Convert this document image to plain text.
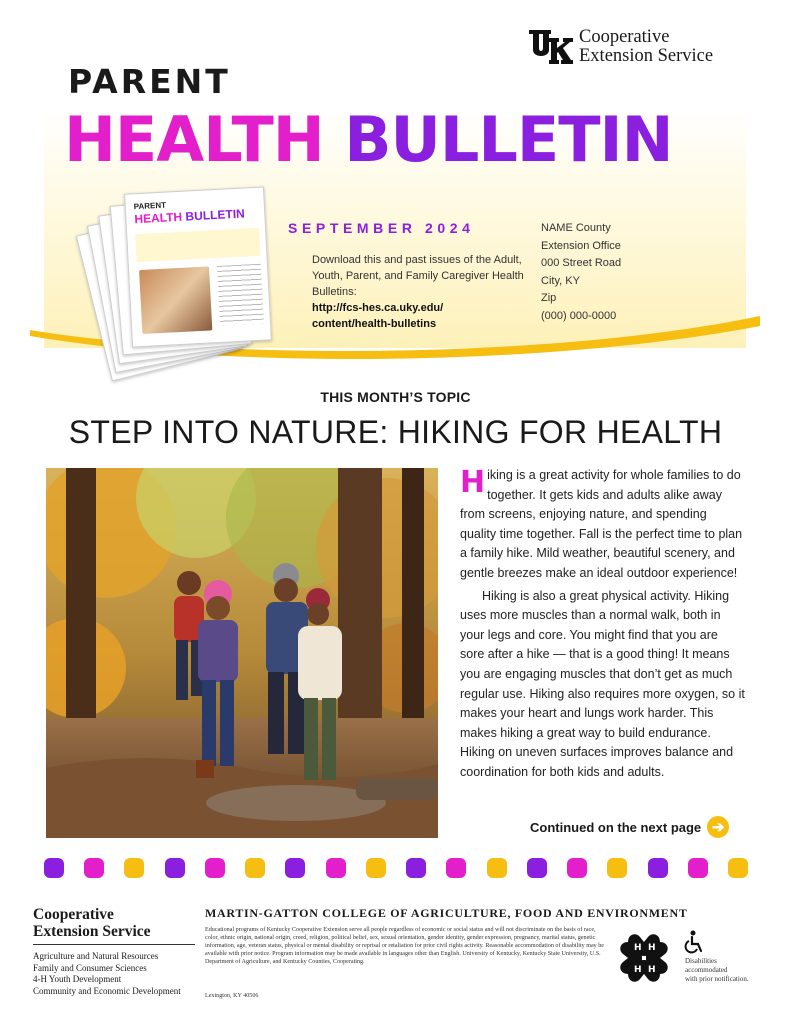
Cooperative
Extension Service
PARENT
HEALTH BULLETIN
PARENT
HEALTH BULLETIN
SEPTEMBER 2024
Download this and past issues of the Adult, Youth, Parent, and Family Caregiver Health Bulletins:
http://fcs-hes.ca.uky.edu/
content/health-bulletins
NAME County
Extension Office
000 Street Road
City, KY
Zip
(000) 000-0000
THIS MONTH’S TOPIC
STEP INTO NATURE: HIKING FOR HEALTH

Hiking is a great activity for whole families to do together. It gets kids and adults alike away from screens, enjoying nature, and spending quality time together. Fall is the perfect time to plan a family hike. Mild weather, beautiful scenery, and gentle breezes make an ideal outdoor experience!

Hiking is also a great physical activity. Hiking uses more muscles than a normal walk, both in your legs and core. You might find that you are sore after a hike — that is a good thing! It means you are engaging muscles that don’t get as much regular use. Hiking also requires more oxygen, so it makes your heart and lungs work harder. This makes hiking a great way to build endurance. Hiking on uneven surfaces improves balance and coordination for both kids and adults.

Continued on the next page ➔
Cooperative
Extension Service
Agriculture and Natural Resources
Family and Consumer Sciences
4-H Youth Development
Community and Economic Development
MARTIN-GATTON COLLEGE OF AGRICULTURE, FOOD AND ENVIRONMENT
Educational programs of Kentucky Cooperative Extension serve all people regardless of economic or social status and will not discriminate on the basis of race, color, ethnic origin, national origin, creed, religion, political belief, sex, sexual orientation, gender identity, gender expression, pregnancy, marital status, genetic information, age, veteran status, physical or mental disability or reprisal or retaliation for prior civil rights activity. Reasonable accommodation of disability may be available with prior notice. Program information may be made available in languages other than English. University of Kentucky, Kentucky State University, U.S. Department of Agriculture, and Kentucky Counties, Cooperating.
Lexington, KY 40506
H H
H H
Disabilities
accommodated
with prior notification.
